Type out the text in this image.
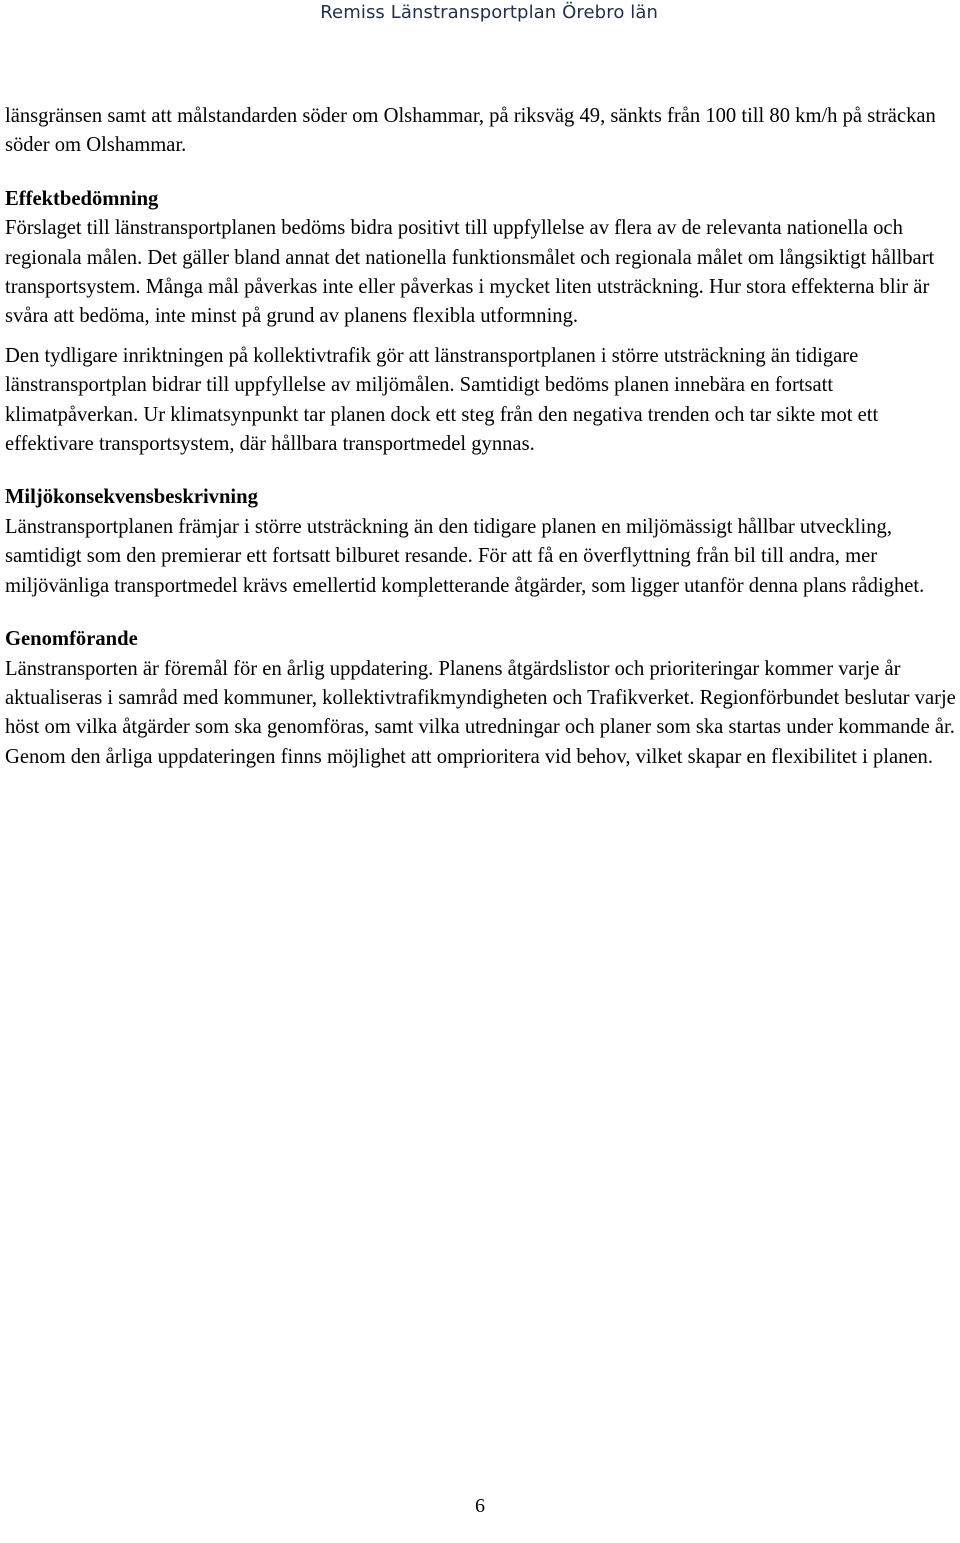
Remiss Länstransportplan Örebro län

länsgränsen samt att målstandarden söder om Olshammar, på riksväg 49, sänkts från 100 till 80 km/h på sträckan söder om Olshammar.

Effektbedömning

Förslaget till länstransportplanen bedöms bidra positivt till uppfyllelse av flera av de relevanta nationella och regionala målen. Det gäller bland annat det nationella funktionsmålet och regionala målet om långsiktigt hållbart transportsystem. Många mål påverkas inte eller påverkas i mycket liten utsträckning. Hur stora effekterna blir är svåra att bedöma, inte minst på grund av planens flexibla utformning.

Den tydligare inriktningen på kollektivtrafik gör att länstransportplanen i större utsträckning än tidigare länstransportplan bidrar till uppfyllelse av miljömålen. Samtidigt bedöms planen innebära en fortsatt klimatpåverkan. Ur klimatsynpunkt tar planen dock ett steg från den negativa trenden och tar sikte mot ett effektivare transportsystem, där hållbara transportmedel gynnas.

Miljökonsekvensbeskrivning

Länstransportplanen främjar i större utsträckning än den tidigare planen en miljömässigt hållbar utveckling, samtidigt som den premierar ett fortsatt bilburet resande. För att få en överflyttning från bil till andra, mer miljövänliga transportmedel krävs emellertid kompletterande åtgärder, som ligger utanför denna plans rådighet.

Genomförande

Länstransporten är föremål för en årlig uppdatering. Planens åtgärdslistor och prioriteringar kommer varje år aktualiseras i samråd med kommuner, kollektivtrafikmyndigheten och Trafikverket. Regionförbundet beslutar varje höst om vilka åtgärder som ska genomföras, samt vilka utredningar och planer som ska startas under kommande år. Genom den årliga uppdateringen finns möjlighet att omprioritera vid behov, vilket skapar en flexibilitet i planen.

6
